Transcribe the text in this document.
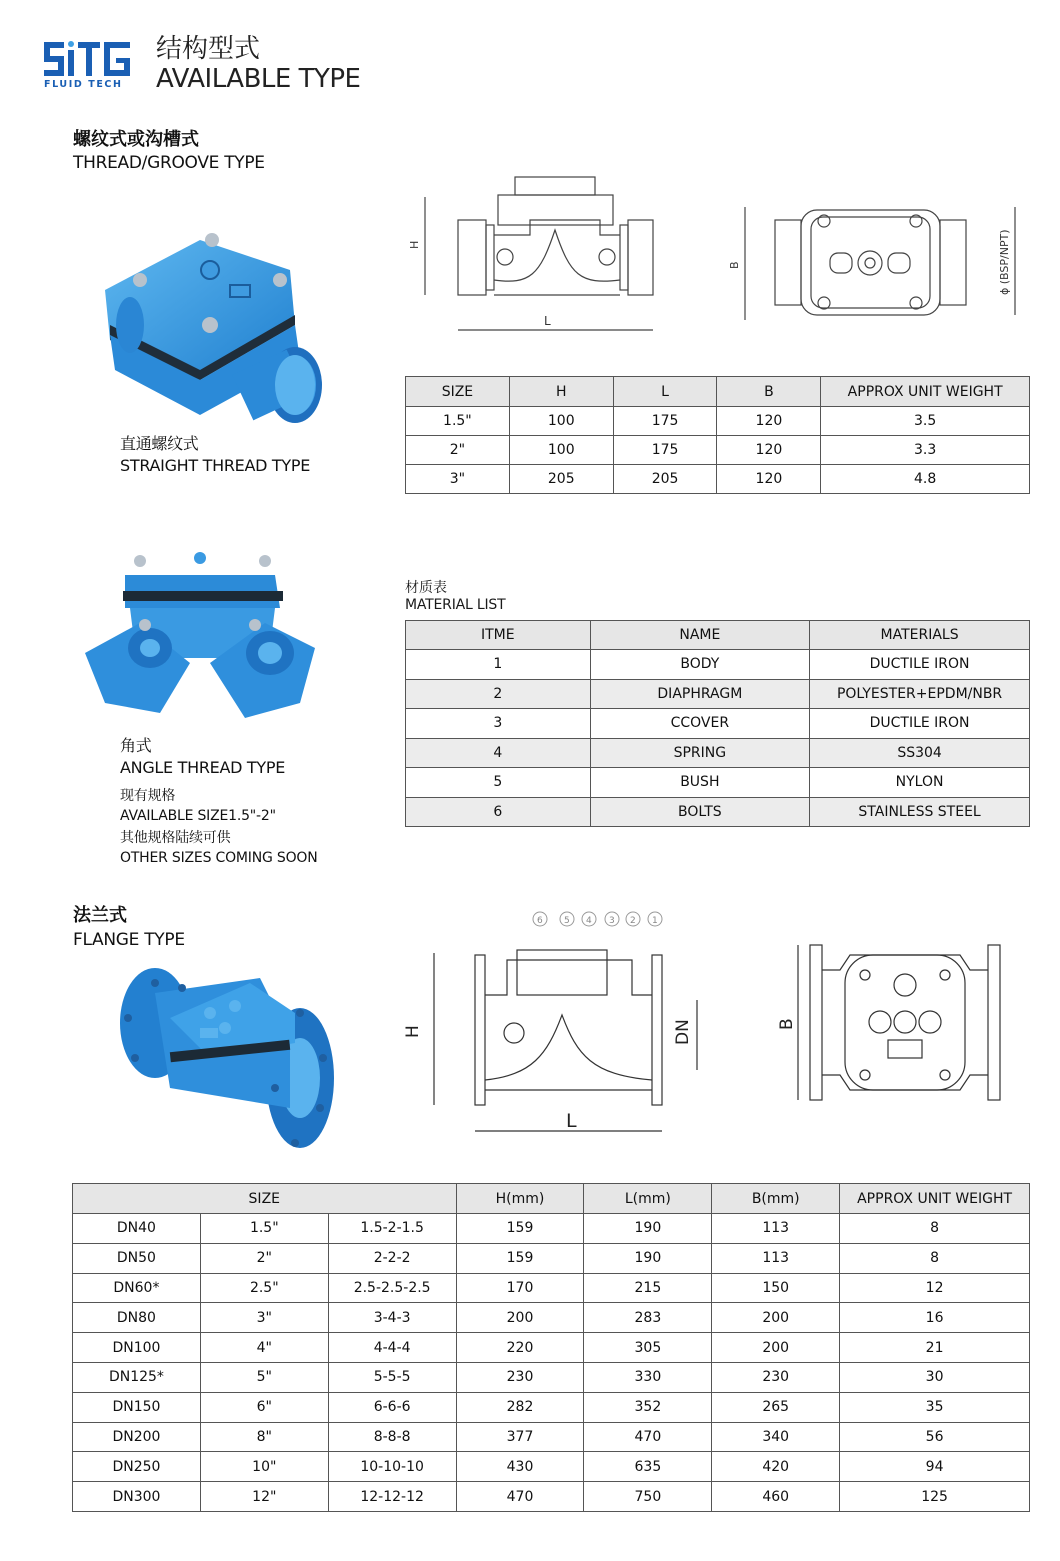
FLUID TECH
结构型式
AVAILABLE TYPE
螺纹式或沟槽式
THREAD/GROOVE TYPE
直通螺纹式
STRAIGHT THREAD TYPE
H
L
B	ϕ (BSP/NPT)
SIZE	H	L	B	APPROX UNIT WEIGHT
1.5"	100	175	120	3.5
2"	100	175	120	3.3
3"	205	205	120	4.8
角式
ANGLE THREAD TYPE
现有规格
AVAILABLE SIZE1.5"-2"
其他规格陆续可供
OTHER SIZES COMING SOON
材质表
MATERIAL LIST
ITME	NAME	MATERIALS
1	BODY	DUCTILE IRON
2	DIAPHRAGM	POLYESTER+EPDM/NBR
3	CCOVER	DUCTILE IRON
4	SPRING	SS304
5	BUSH	NYLON
6	BOLTS	STAINLESS STEEL
法兰式
FLANGE TYPE
6 5 4 3 2 1
H	DN
L
B
SIZE			H(mm)	L(mm)	B(mm)	APPROX UNIT WEIGHT
DN40	1.5"	1.5-2-1.5	159	190	113	8
DN50	2"	2-2-2	159	190	113	8
DN60*	2.5"	2.5-2.5-2.5	170	215	150	12
DN80	3"	3-4-3	200	283	200	16
DN100	4"	4-4-4	220	305	200	21
DN125*	5"	5-5-5	230	330	230	30
DN150	6"	6-6-6	282	352	265	35
DN200	8"	8-8-8	377	470	340	56
DN250	10"	10-10-10	430	635	420	94
DN300	12"	12-12-12	470	750	460	125
